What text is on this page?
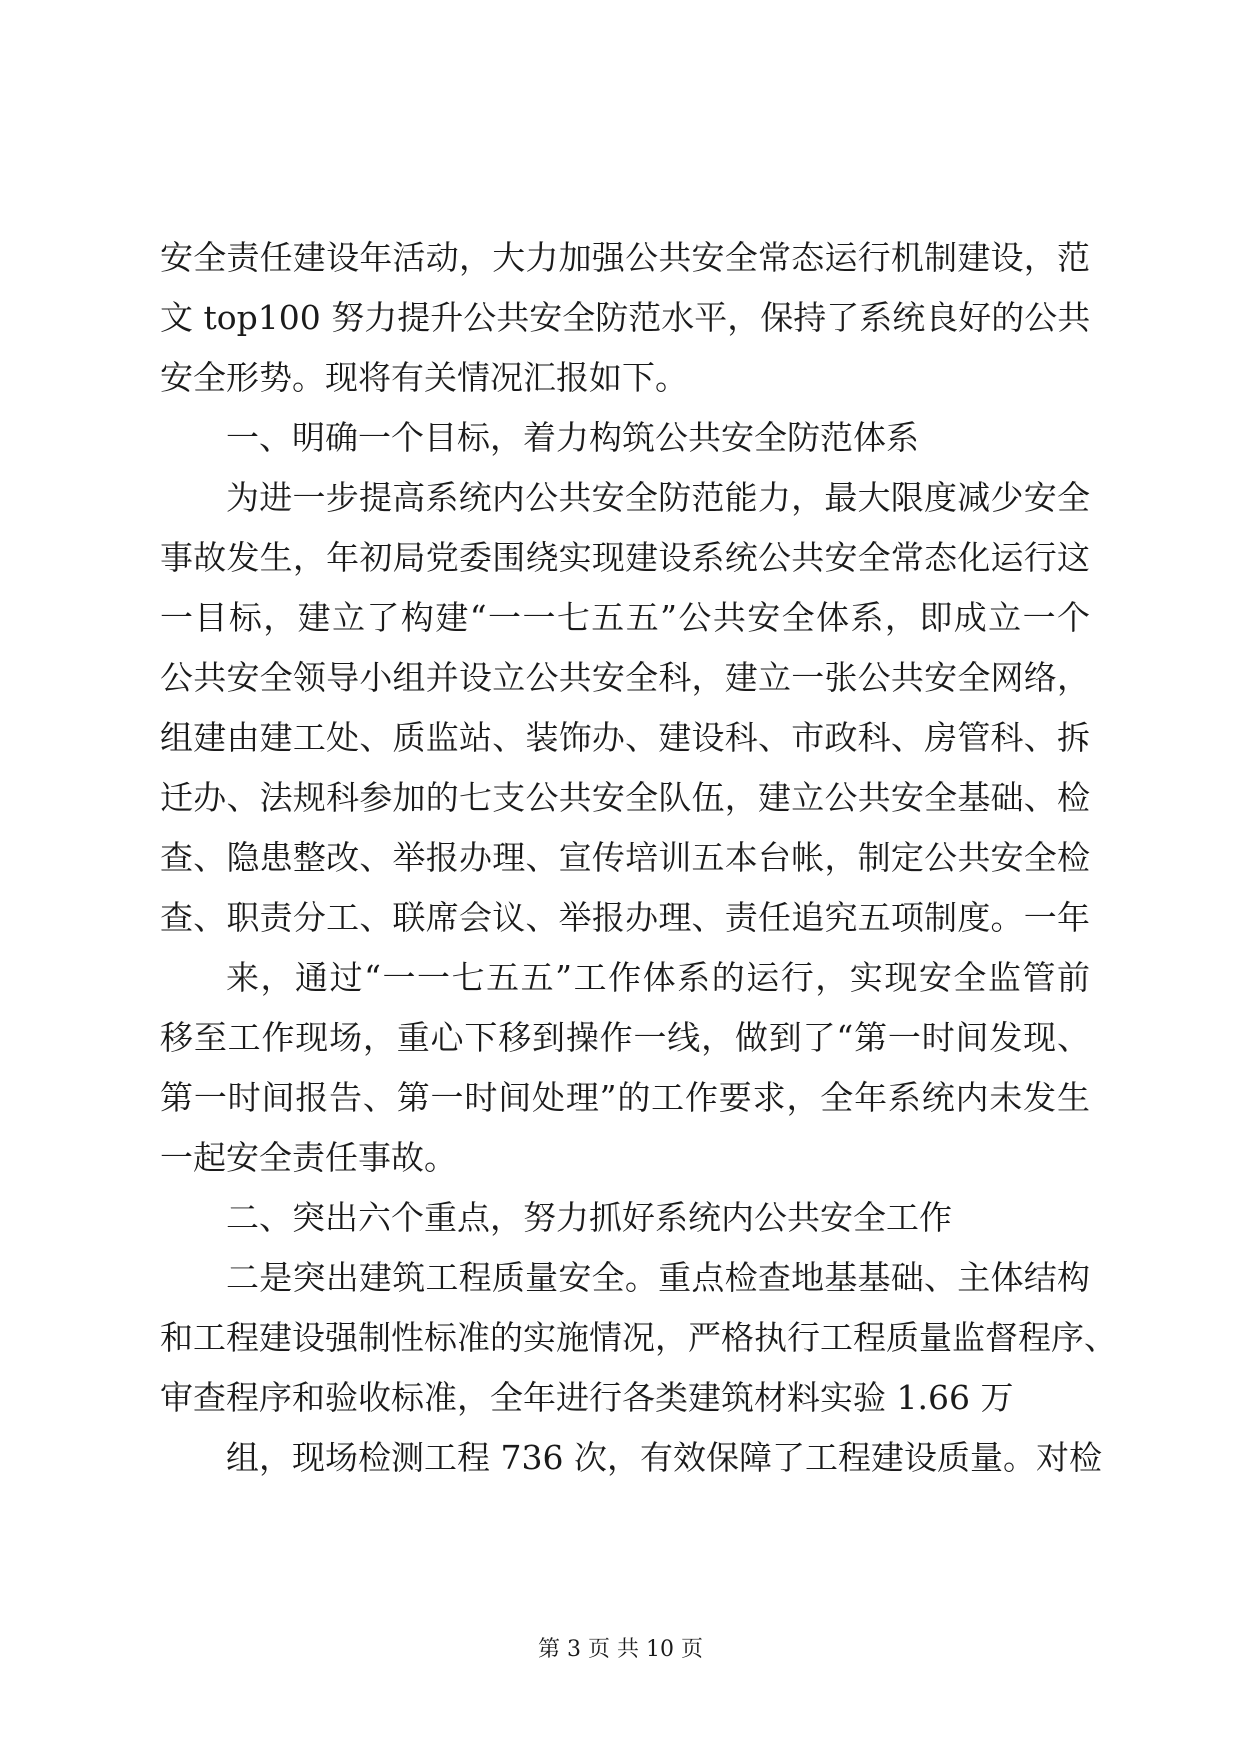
安全责任建设年活动，大力加强公共安全常态运行机制建设，范
文 top100 努力提升公共安全防范水平，保持了系统良好的公共
安全形势。现将有关情况汇报如下。
一、明确一个目标，着力构筑公共安全防范体系
为进一步提高系统内公共安全防范能力，最大限度减少安全
事故发生，年初局党委围绕实现建设系统公共安全常态化运行这
一目标，建立了构建“一一七五五”公共安全体系，即成立一个
公共安全领导小组并设立公共安全科，建立一张公共安全网络，
组建由建工处、质监站、装饰办、建设科、市政科、房管科、拆
迁办、法规科参加的七支公共安全队伍，建立公共安全基础、检
查、隐患整改、举报办理、宣传培训五本台帐，制定公共安全检
查、职责分工、联席会议、举报办理、责任追究五项制度。一年
来，通过“一一七五五”工作体系的运行，实现安全监管前
移至工作现场，重心下移到操作一线，做到了“第一时间发现、
第一时间报告、第一时间处理”的工作要求，全年系统内未发生
一起安全责任事故。
二、突出六个重点，努力抓好系统内公共安全工作
二是突出建筑工程质量安全。重点检查地基基础、主体结构
和工程建设强制性标准的实施情况，严格执行工程质量监督程序、
审查程序和验收标准，全年进行各类建筑材料实验 1.66 万
组，现场检测工程 736 次，有效保障了工程建设质量。对检
第 3 页 共 10 页
